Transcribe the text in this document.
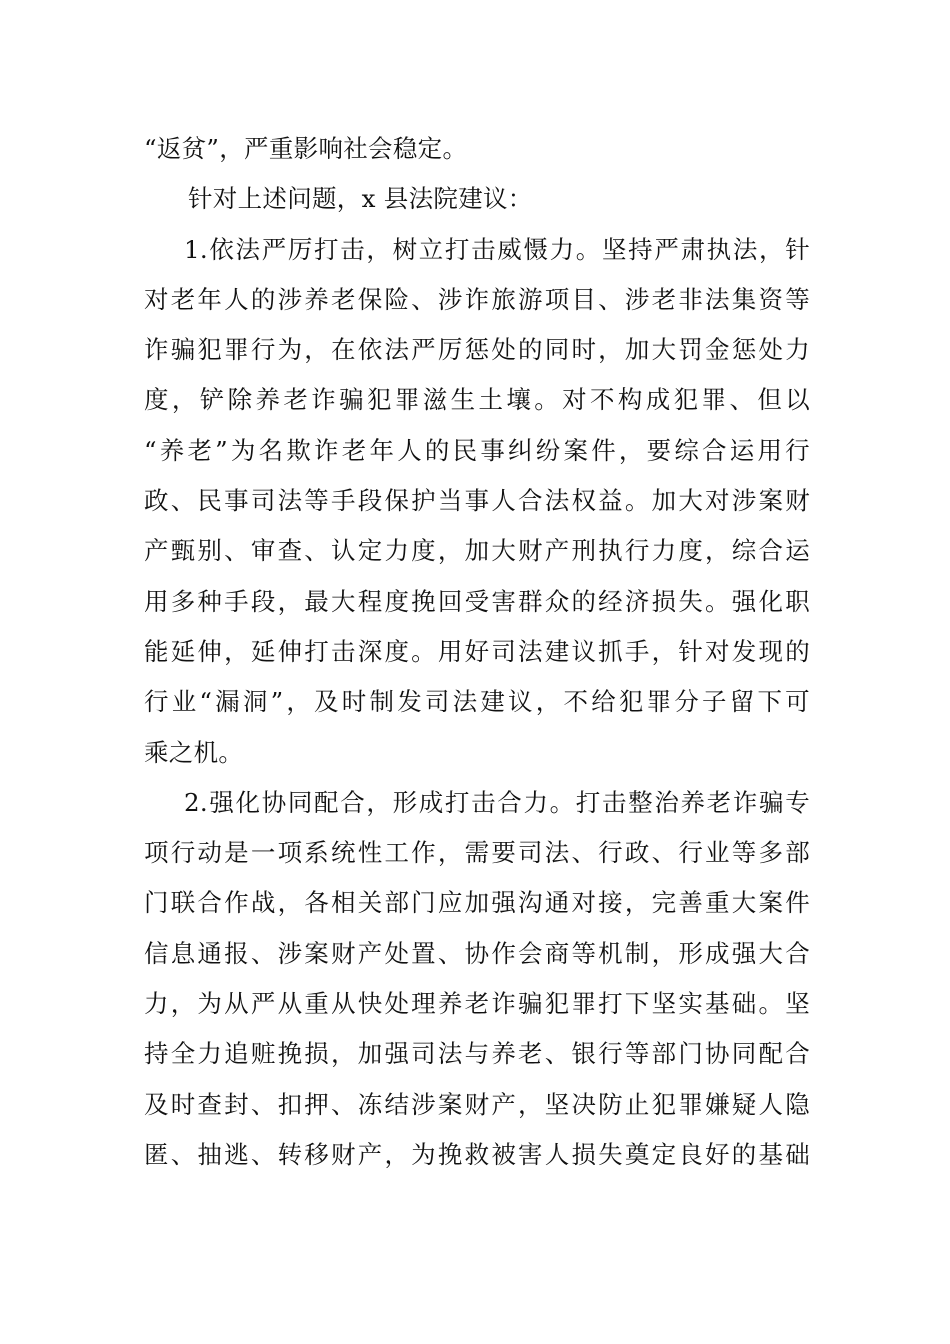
“返贫”，严重影响社会稳定。
针对上述问题，x 县法院建议：
1.依法严厉打击，树立打击威慑力。坚持严肃执法，针
对老年人的涉养老保险、涉诈旅游项目、涉老非法集资等
诈骗犯罪行为，在依法严厉惩处的同时，加大罚金惩处力
度，铲除养老诈骗犯罪滋生土壤。对不构成犯罪、但以
“养老”为名欺诈老年人的民事纠纷案件，要综合运用行
政、民事司法等手段保护当事人合法权益。加大对涉案财
产甄别、审查、认定力度，加大财产刑执行力度，综合运
用多种手段，最大程度挽回受害群众的经济损失。强化职
能延伸，延伸打击深度。用好司法建议抓手，针对发现的
行业“漏洞”，及时制发司法建议，不给犯罪分子留下可
乘之机。
2.强化协同配合，形成打击合力。打击整治养老诈骗专
项行动是一项系统性工作，需要司法、行政、行业等多部
门联合作战，各相关部门应加强沟通对接，完善重大案件
信息通报、涉案财产处置、协作会商等机制，形成强大合
力，为从严从重从快处理养老诈骗犯罪打下坚实基础。坚
持全力追赃挽损，加强司法与养老、银行等部门协同配合
及时查封、扣押、冻结涉案财产，坚决防止犯罪嫌疑人隐
匿、抽逃、转移财产，为挽救被害人损失奠定良好的基础
